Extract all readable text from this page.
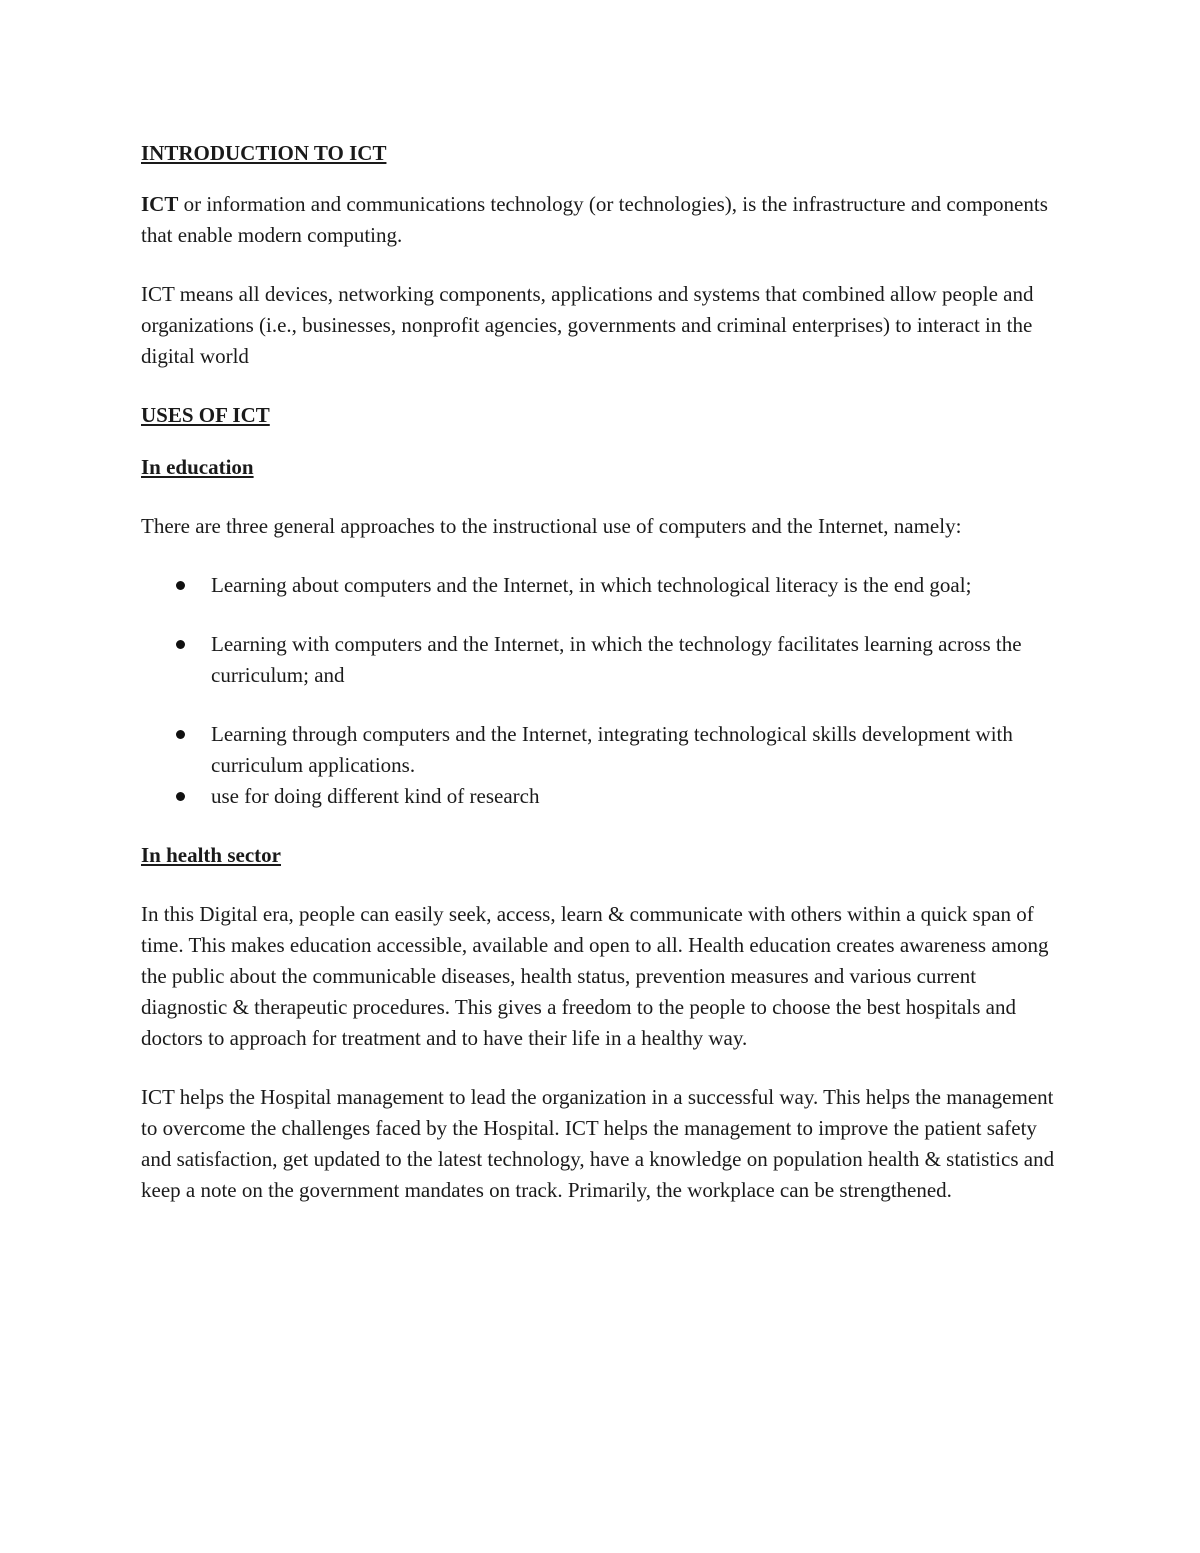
INTRODUCTION TO ICT

ICT or information and communications technology (or technologies), is the infrastructure and components that enable modern computing.

ICT means all devices, networking components, applications and systems that combined allow people and organizations (i.e., businesses, nonprofit agencies, governments and criminal enterprises) to interact in the digital world

USES OF ICT

In education

There are three general approaches to the instructional use of computers and the Internet, namely:

Learning about computers and the Internet, in which technological literacy is the end goal;
Learning with computers and the Internet, in which the technology facilitates learning across the curriculum; and
Learning through computers and the Internet, integrating technological skills development with curriculum applications.
use for doing different kind of research

In health sector

In this Digital era, people can easily seek, access, learn & communicate with others within a quick span of time. This makes education accessible, available and open to all. Health education creates awareness among the public about the communicable diseases, health status, prevention measures and various current diagnostic & therapeutic procedures. This gives a freedom to the people to choose the best hospitals and doctors to approach for treatment and to have their life in a healthy way.

ICT helps the Hospital management to lead the organization in a successful way. This helps the management to overcome the challenges faced by the Hospital. ICT helps the management to improve the patient safety and satisfaction, get updated to the latest technology, have a knowledge on population health & statistics and keep a note on the government mandates on track. Primarily, the workplace can be strengthened.
